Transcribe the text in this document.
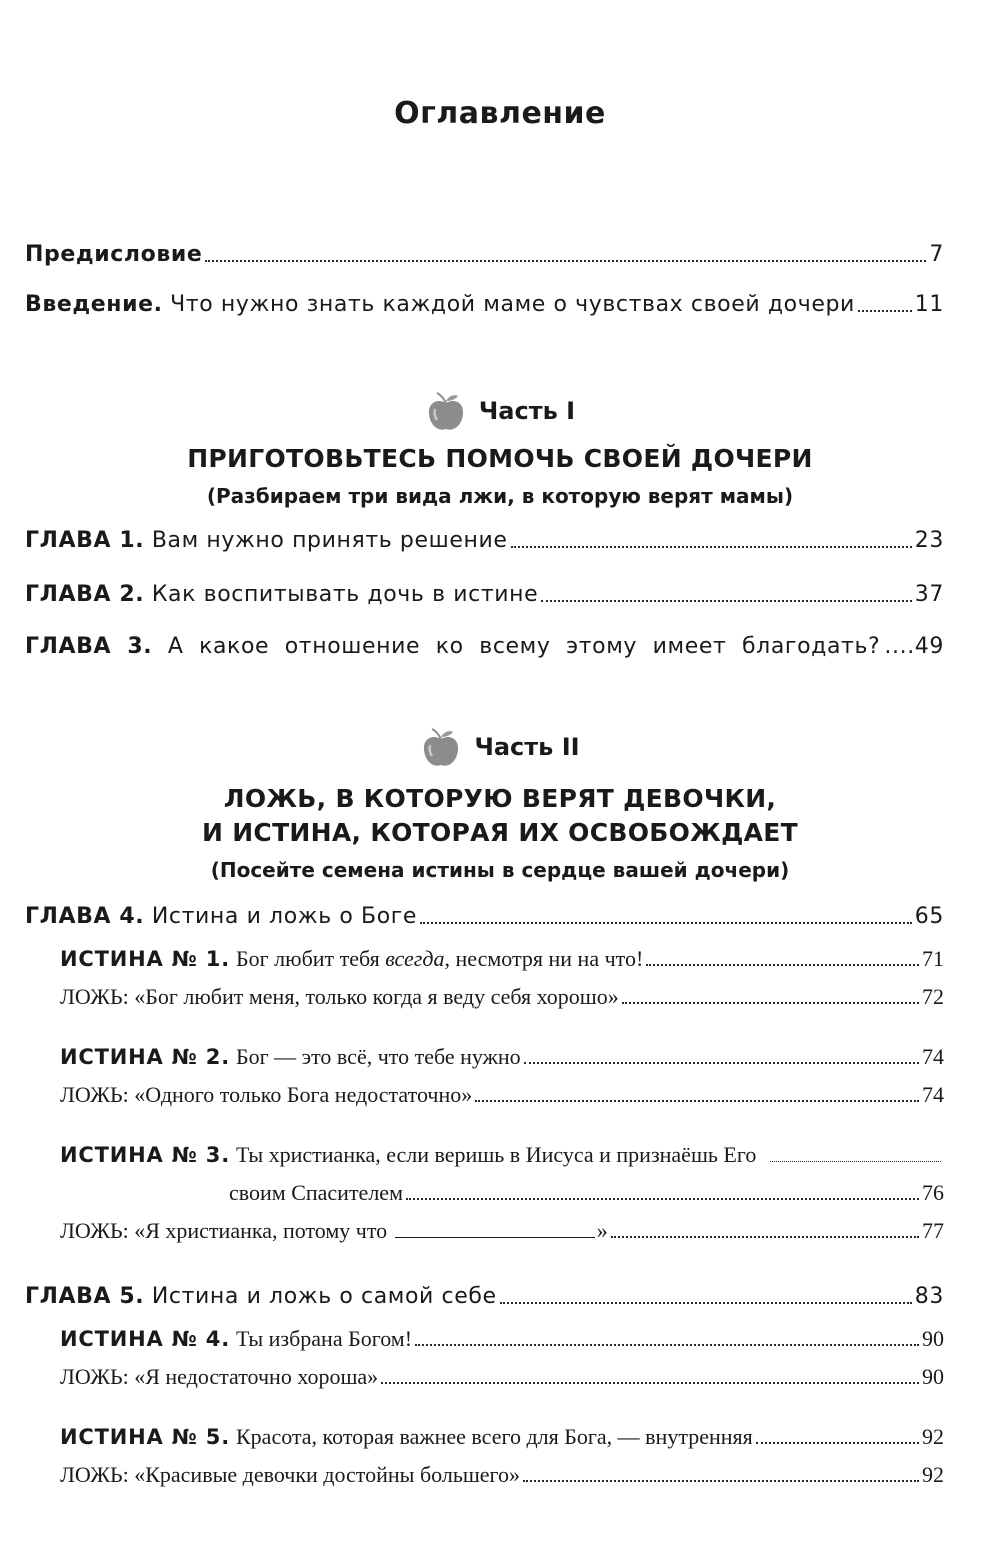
Оглавление
Предисловие	7
Введение. Что нужно знать каждой маме о чувствах своей дочери	11
Часть I
ПРИГОТОВЬТЕСЬ ПОМОЧЬ СВОЕЙ ДОЧЕРИ
(Разбираем три вида лжи, в которую верят мамы)
ГЛАВА 1. Вам нужно принять решение	23
ГЛАВА 2. Как воспитывать дочь в истине	37
ГЛАВА 3. А какое отношение ко всему этому имеет благодать? ....49
Часть II
ЛОЖЬ, В КОТОРУЮ ВЕРЯТ ДЕВОЧКИ,
И ИСТИНА, КОТОРАЯ ИХ ОСВОБОЖДАЕТ
(Посейте семена истины в сердце вашей дочери)
ГЛАВА 4. Истина и ложь о Боге	65
ИСТИНА № 1. Бог любит тебя всегда, несмотря ни на что!	71
ЛОЖЬ: «Бог любит меня, только когда я веду себя хорошо»	72
ИСТИНА № 2. Бог — это всё, что тебе нужно	74
ЛОЖЬ: «Одного только Бога недостаточно»	74
ИСТИНА № 3. Ты христианка, если веришь в Иисуса и признаёшь Его
своим Спасителем	76
ЛОЖЬ: «Я христианка, потому что	»	77
ГЛАВА 5. Истина и ложь о самой себе	83
ИСТИНА № 4. Ты избрана Богом!	90
ЛОЖЬ: «Я недостаточно хороша»	90
ИСТИНА № 5. Красота, которая важнее всего для Бога, — внутренняя	92
ЛОЖЬ: «Красивые девочки достойны большего»	92
